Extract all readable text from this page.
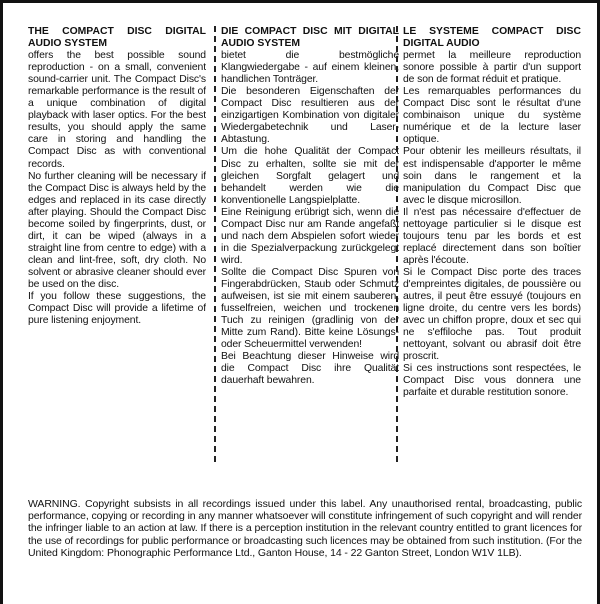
THE COMPACT DISC DIGITAL AUDIO SYSTEM

offers the best possible sound reproduction - on a small, convenient sound-carrier unit. The Compact Disc's remarkable performance is the result of a unique combination of digital playback with laser optics. For the best results, you should apply the same care in storing and handling the Compact Disc as with conventional records.

No further cleaning will be necessary if the Compact Disc is always held by the edges and replaced in its case directly after playing. Should the Compact Disc become soiled by fingerprints, dust, or dirt, it can be wiped (always in a straight line from centre to edge) with a clean and lint-free, soft, dry cloth. No solvent or abrasive cleaner should ever be used on the disc.

If you follow these suggestions, the Compact Disc will provide a lifetime of pure listening enjoyment.

DIE COMPACT DISC MIT DIGITAL AUDIO SYSTEM

bietet die bestmögliche Klangwiedergabe - auf einem kleinen, handlichen Tonträger.

Die besonderen Eigenschaften der Compact Disc resultieren aus der einzigartigen Kombination von digitaler Wiedergabetechnik und Laser-Abtastung.

Um die hohe Qualität der Compact Disc zu erhalten, sollte sie mit der gleichen Sorgfalt gelagert und behandelt werden wie die konventionelle Langspielplatte.

Eine Reinigung erübrigt sich, wenn die Compact Disc nur am Rande angefaßt und nach dem Abspielen sofort wieder in die Spezialverpackung zurückgelegt wird.

Sollte die Compact Disc Spuren von Fingerabdrücken, Staub oder Schmutz aufweisen, ist sie mit einem sauberen, fusselfreien, weichen und trockenen Tuch zu reinigen (gradlinig von der Mitte zum Rand). Bitte keine Lösungs- oder Scheuermittel verwenden!

Bei Beachtung dieser Hinweise wird die Compact Disc ihre Qualität dauerhaft bewahren.

LE SYSTÈME COMPACT DISC DIGITAL AUDIO

permet la meilleure reproduction sonore possible à partir d'un support de son de format réduit et pratique.

Les remarquables performances du Compact Disc sont le résultat d'une combinaison unique du système numérique et de la lecture laser optique.

Pour obtenir les meilleurs résultats, il est indispensable d'apporter le même soin dans le rangement et la manipulation du Compact Disc que avec le disque microsillon.

Il n'est pas nécessaire d'effectuer de nettoyage particulier si le disque est toujours tenu par les bords et est replacé directement dans son boîtier après l'écoute.

Si le Compact Disc porte des traces d'empreintes digitales, de poussière ou autres, il peut être essuyé (toujours en ligne droite, du centre vers les bords) avec un chiffon propre, doux et sec qui ne s'effiloche pas. Tout produit nettoyant, solvant ou abrasif doit être proscrit.

Si ces instructions sont respectées, le Compact Disc vous donnera une parfaite et durable restitution sonore.

WARNING. Copyright subsists in all recordings issued under this label. Any unauthorised rental, broadcasting, public performance, copying or recording in any manner whatsoever will constitute infringement of such copyright and will render the infringer liable to an action at law. If there is a perception institution in the relevant country entitled to grant licences for the use of recordings for public performance or broadcasting such licences may be obtained from such institution. (For the United Kingdom: Phonographic Performance Ltd., Ganton House, 14 - 22 Ganton Street, London W1V 1LB).
